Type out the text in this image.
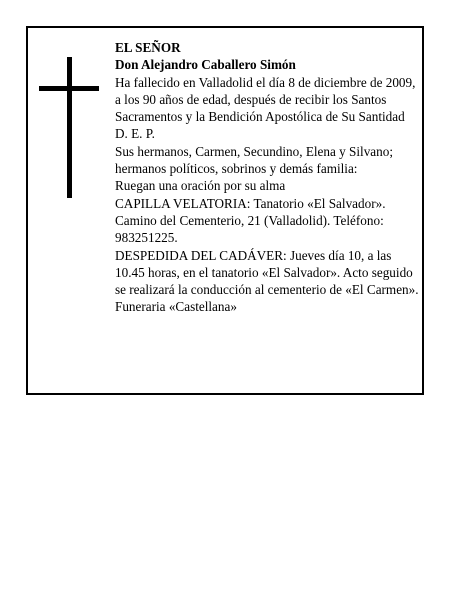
EL SEÑOR

Don Alejandro Caballero Simón

Ha fallecido en Valladolid el día 8 de diciembre de 2009, a los 90 años de edad, después de recibir los Santos Sacramentos y la Bendición Apostólica de Su Santidad

D. E. P.

Sus hermanos, Carmen, Secundino, Elena y Silvano; hermanos políticos, sobrinos y demás familia:

Ruegan una oración por su alma

CAPILLA VELATORIA: Tanatorio «El Salvador». Camino del Cementerio, 21 (Valladolid). Teléfono: 983251225.

DESPEDIDA DEL CADÁVER: Jueves día 10, a las 10.45 horas, en el tanatorio «El Salvador». Acto seguido se realizará la conducción al cementerio de «El Carmen».

Funeraria «Castellana»
